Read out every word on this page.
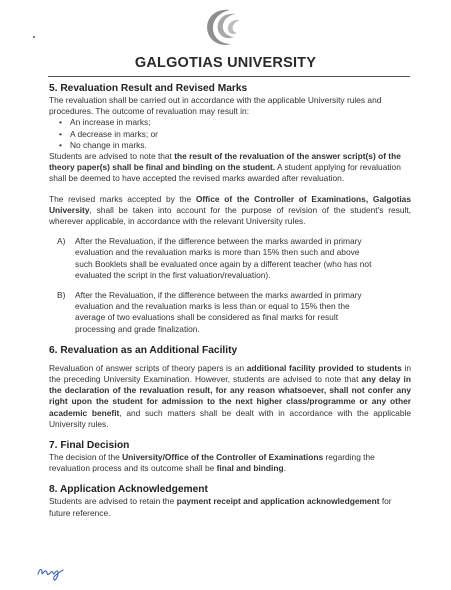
GALGOTIAS UNIVERSITY
5. Revaluation Result and Revised Marks

The revaluation shall be carried out in accordance with the applicable University rules and procedures. The outcome of revaluation may result in:

• An increase in marks;
• A decrease in marks; or
• No change in marks.

Students are advised to note that the result of the revaluation of the answer script(s) of the theory paper(s) shall be final and binding on the student. A student applying for revaluation shall be deemed to have accepted the revised marks awarded after revaluation.

The revised marks accepted by the Office of the Controller of Examinations, Galgotias University, shall be taken into account for the purpose of revision of the student's result, wherever applicable, in accordance with the relevant University rules.

A)	After the Revaluation, if the difference between the marks awarded in primary evaluation and the revaluation marks is more than 15% then such and above such Booklets shall be evaluated once again by a different teacher (who has not evaluated the script in the first valuation/revaluation).
B)	After the Revaluation, if the difference between the marks awarded in primary evaluation and the revaluation marks is less than or equal to 15% then the average of two evaluations shall be considered as final marks for result processing and grade finalization.
6. Revaluation as an Additional Facility

Revaluation of answer scripts of theory papers is an additional facility provided to students in the preceding University Examination. However, students are advised to note that any delay in the declaration of the revaluation result, for any reason whatsoever, shall not confer any right upon the student for admission to the next higher class/programme or any other academic benefit, and such matters shall be dealt with in accordance with the applicable University rules.

7. Final Decision

The decision of the University/Office of the Controller of Examinations regarding the revaluation process and its outcome shall be final and binding.

8. Application Acknowledgement

Students are advised to retain the payment receipt and application acknowledgement for future reference.
